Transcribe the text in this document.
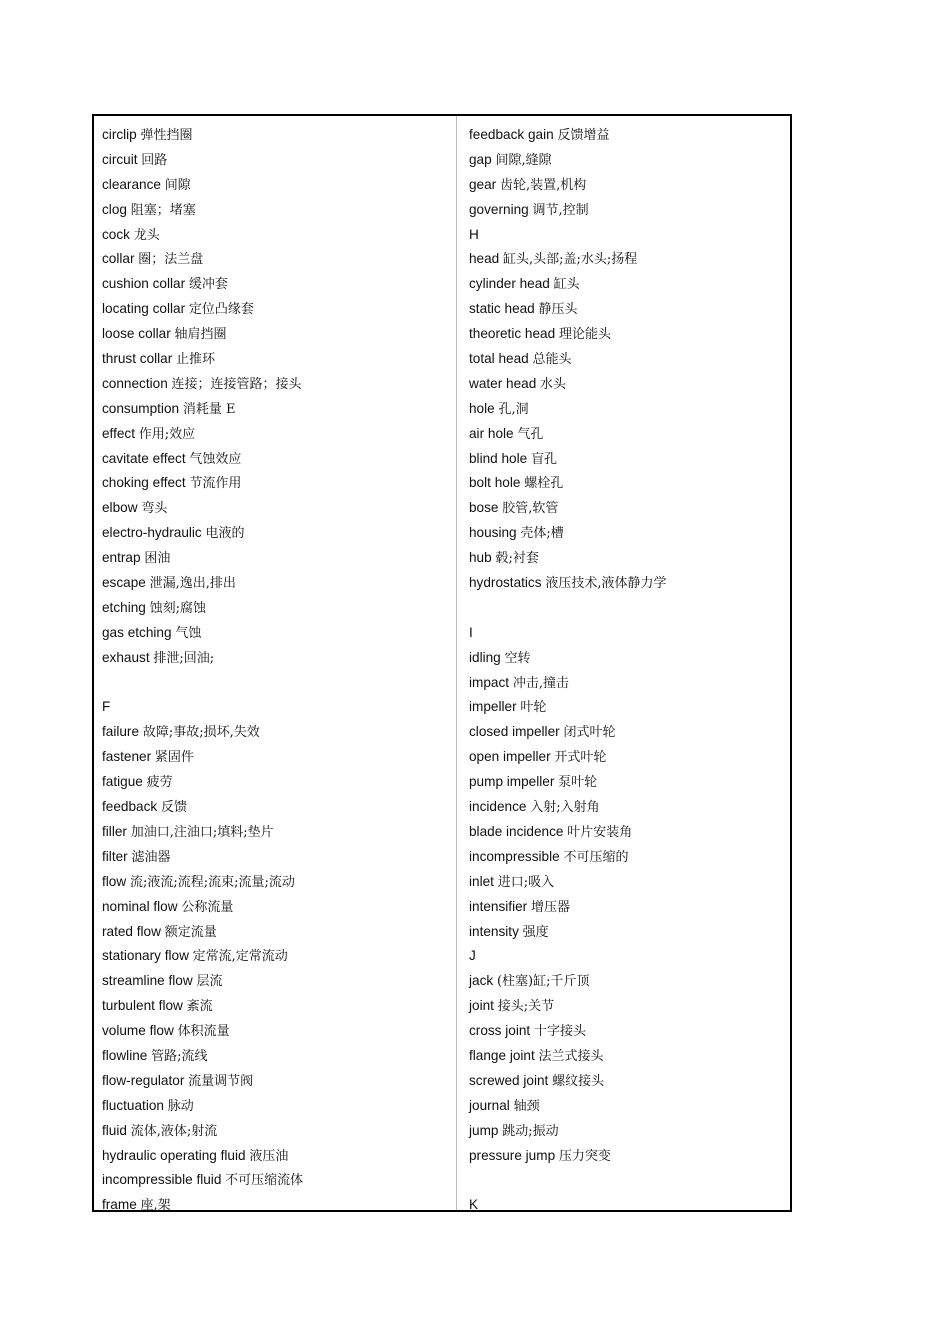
circlip 弹性挡圈
circuit 回路
clearance 间隙
clog 阻塞；堵塞
cock 龙头
collar 圈；法兰盘
cushion collar 缓冲套
locating collar 定位凸缘套
loose collar 轴肩挡圈
thrust collar 止推环
connection 连接；连接管路；接头
consumption 消耗量 E
effect 作用;效应
cavitate effect 气蚀效应
choking effect 节流作用
elbow 弯头
electro-hydraulic 电液的
entrap 困油
escape 泄漏,逸出,排出
etching 蚀刻;腐蚀
gas etching 气蚀
exhaust 排泄;回油;
F
failure 故障;事故;损坏,失效
fastener 紧固件
fatigue 疲劳
feedback 反馈
filler 加油口,注油口;填料;垫片
filter 滤油器
flow 流;液流;流程;流束;流量;流动
nominal flow 公称流量
rated flow 额定流量
stationary flow 定常流,定常流动
streamline flow 层流
turbulent flow 紊流
volume flow 体积流量
flowline 管路;流线
flow-regulator 流量调节阀
fluctuation 脉动
fluid 流体,液体;射流
hydraulic operating fluid 液压油
incompressible fluid 不可压缩流体
frame 座,架
feedback gain 反馈增益
gap 间隙,缝隙
gear 齿轮,装置,机构
governing 调节,控制
H
head 缸头,头部;盖;水头;扬程
cylinder head 缸头
static head 静压头
theoretic head 理论能头
total head 总能头
water head 水头
hole 孔,洞
air hole 气孔
blind hole 盲孔
bolt hole 螺栓孔
bose 胶管,软管
housing 壳体;槽
hub 毂;衬套
hydrostatics 液压技术,液体静力学
I
idling 空转
impact 冲击,撞击
impeller 叶轮
closed impeller 闭式叶轮
open impeller 开式叶轮
pump impeller 泵叶轮
incidence 入射;入射角
blade incidence 叶片安装角
incompressible 不可压缩的
inlet 进口;吸入
intensifier 增压器
intensity 强度
J
jack (柱塞)缸;千斤顶
joint 接头;关节
cross joint 十字接头
flange joint 法兰式接头
screwed joint 螺纹接头
journal 轴颈
jump 跳动;振动
pressure jump 压力突变
K
